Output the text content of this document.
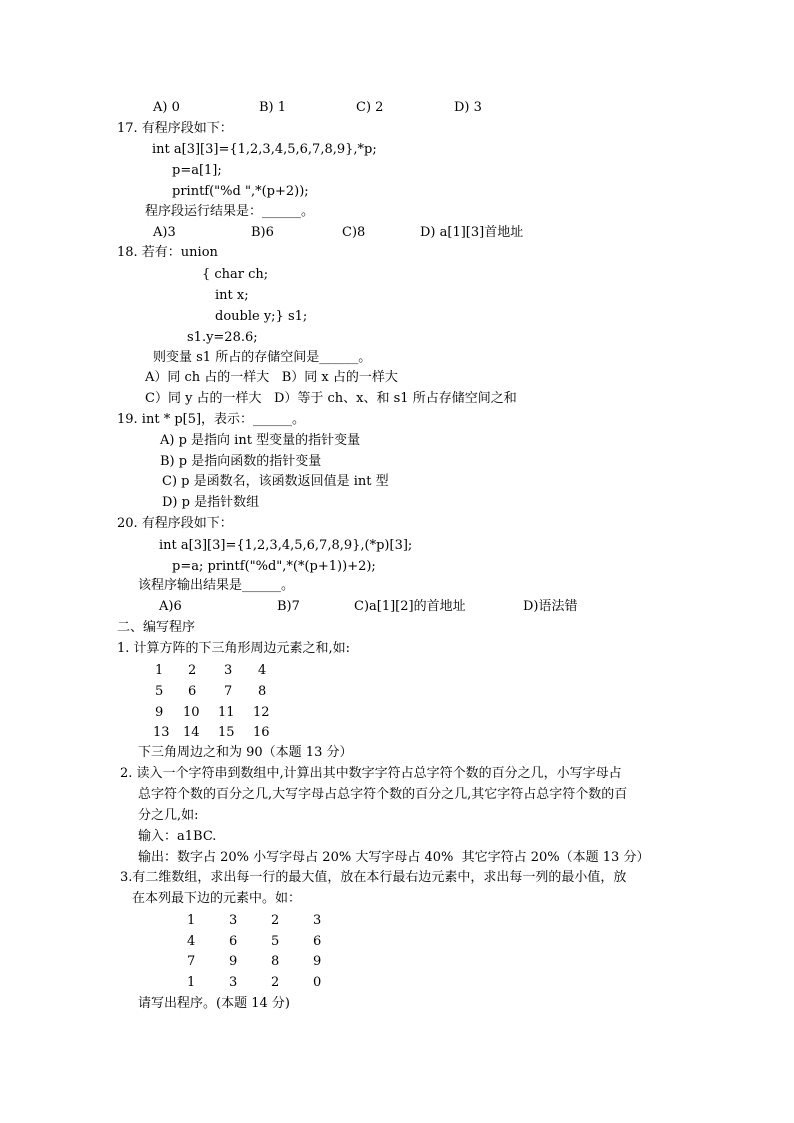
A) 0	B) 1	C) 2	D) 3
17. 有程序段如下：
int a[3][3]={1,2,3,4,5,6,7,8,9},*p;
p=a[1];
printf("%d ",*(p+2));
程序段运行结果是：______。
A)3	B)6	C)8	D) a[1][3]首地址
18. 若有：union
{ char ch;
int x;
double y;} s1;
s1.y=28.6;
则变量 s1 所占的存储空间是______。
A）同 ch 占的一样大   B）同 x 占的一样大
C）同 y 占的一样大   D）等于 ch、x、和 s1 所占存储空间之和
19. int * p[5]，表示：______。
A) p 是指向 int 型变量的指针变量
B) p 是指向函数的指针变量
C) p 是函数名，该函数返回值是 int 型
D) p 是指针数组
20. 有程序段如下：
int a[3][3]={1,2,3,4,5,6,7,8,9},(*p)[3];
p=a; printf("%d",*(*(p+1))+2);
该程序输出结果是______。
A)6	B)7	C)a[1][2]的首地址	D)语法错
二、编写程序
1. 计算方阵的下三角形周边元素之和,如:
1	2	3	4
5	6	7	8
9	10	11	12
13	14	15	16
下三角周边之和为 90（本题 13 分）
2. 读入一个字符串到数组中,计算出其中数字字符占总字符个数的百分之几，小写字母占
总字符个数的百分之几,大写字母占总字符个数的百分之几,其它字符占总字符个数的百
分之几,如:
输入：a1BC.
输出：数字占 20% 小写字母占 20% 大写字母占 40%  其它字符占 20%（本题 13 分）
3.有二维数组，求出每一行的最大值，放在本行最右边元素中，求出每一列的最小值，放
在本列最下边的元素中。如：
1	3	2	3
4	6	5	6
7	9	8	9
1	3	2	0
请写出程序。(本题 14 分)
